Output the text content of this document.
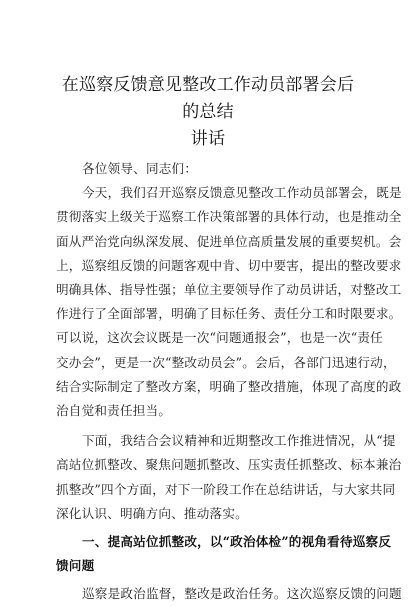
在巡察反馈意见整改工作动员部署会后的总结
讲话

各位领导、同志们：

今天，我们召开巡察反馈意见整改工作动员部署会，既是
贯彻落实上级关于巡察工作决策部署的具体行动，也是推动全
面从严治党向纵深发展、促进单位高质量发展的重要契机。会
上，巡察组反馈的问题客观中肯、切中要害，提出的整改要求
明确具体、指导性强；单位主要领导作了动员讲话，对整改工
作进行了全面部署，明确了目标任务、责任分工和时限要求。
可以说，这次会议既是一次“问题通报会”，也是一次“责任
交办会”，更是一次“整改动员会”。会后，各部门迅速行动，
结合实际制定了整改方案，明确了整改措施，体现了高度的政
治自觉和责任担当。

下面，我结合会议精神和近期整改工作推进情况，从“提
高站位抓整改、聚焦问题抓整改、压实责任抓整改、标本兼治
抓整改”四个方面，对下一阶段工作在总结讲话，与大家共同
深化认识、明确方向、推动落实。

一、提高站位抓整改，以“政治体检”的视角看待巡察反
馈问题

巡察是政治监督，整改是政治任务。这次巡察反馈的问题
